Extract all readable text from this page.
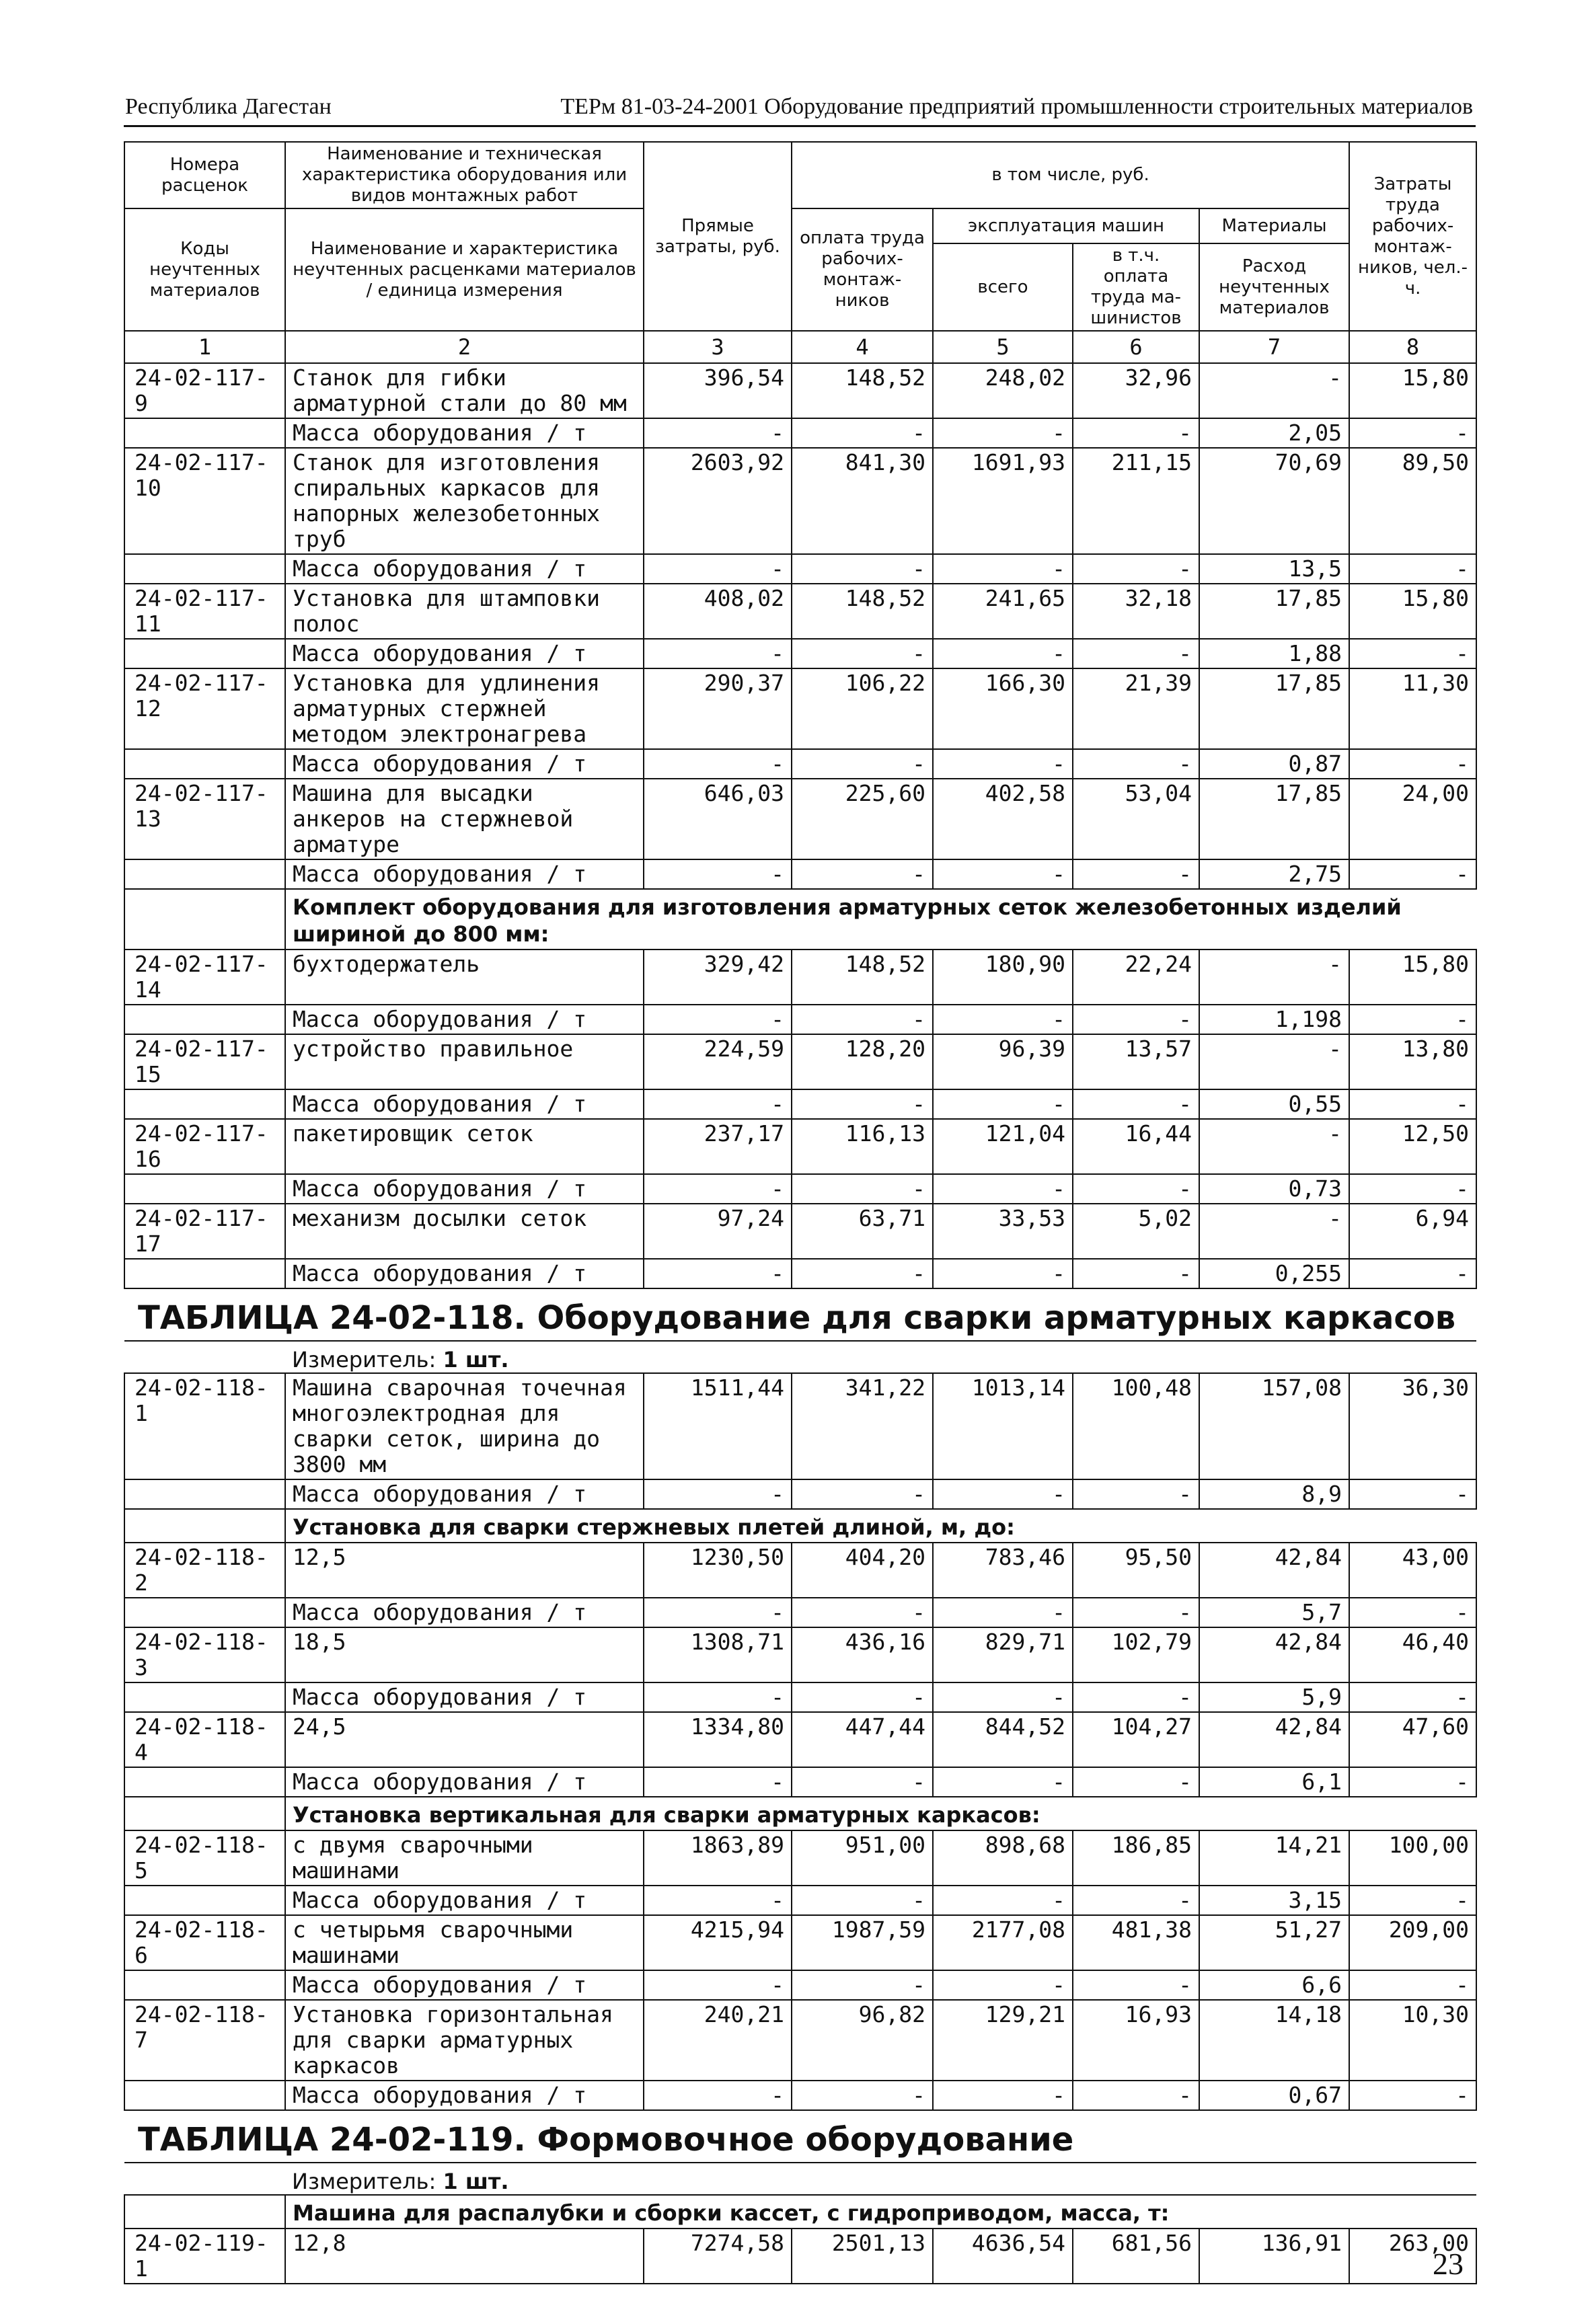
Республика Дагестан	ТЕРм 81-03-24-2001 Оборудование предприятий промышленности строительных материалов
Номера расценок	Наименование и техническая характеристика оборудования или видов монтажных работ	Прямые затраты, руб.	в том числе, руб.				Затраты труда рабочих-монтаж-ников, чел.-ч.
Коды неучтенных материалов	Наименование и характеристика неучтенных расценками материалов / единица измерения		оплата труда рабочих-монтаж-ников	эксплуатация машин		Материалы	
				всего	в т.ч. оплата труда ма-шинистов	Расход неучтенных материалов	
1	2	3	4	5	6	7	8
24-02-117-9	Станок для гибки арматурной стали до 80 мм	396,54	148,52	248,02	32,96	-	15,80
	Масса оборудования / т	-	-	-	-	2,05	-
24-02-117-10	Станок для изготовления спиральных каркасов для напорных железобетонных труб	2603,92	841,30	1691,93	211,15	70,69	89,50
	Масса оборудования / т	-	-	-	-	13,5	-
24-02-117-11	Установка для штамповки полос	408,02	148,52	241,65	32,18	17,85	15,80
	Масса оборудования / т	-	-	-	-	1,88	-
24-02-117-12	Установка для удлинения арматурных стержней методом электронагрева	290,37	106,22	166,30	21,39	17,85	11,30
	Масса оборудования / т	-	-	-	-	0,87	-
24-02-117-13	Машина для высадки анкеров на стержневой арматуре	646,03	225,60	402,58	53,04	17,85	24,00
	Масса оборудования / т	-	-	-	-	2,75	-
	Комплект оборудования для изготовления арматурных сеток железобетонных изделий шириной до 800 мм:						
24-02-117-14	бухтодержатель	329,42	148,52	180,90	22,24	-	15,80
	Масса оборудования / т	-	-	-	-	1,198	-
24-02-117-15	устройство правильное	224,59	128,20	96,39	13,57	-	13,80
	Масса оборудования / т	-	-	-	-	0,55	-
24-02-117-16	пакетировщик сеток	237,17	116,13	121,04	16,44	-	12,50
	Масса оборудования / т	-	-	-	-	0,73	-
24-02-117-17	механизм досылки сеток	97,24	63,71	33,53	5,02	-	6,94
	Масса оборудования / т	-	-	-	-	0,255	-
ТАБЛИЦА 24-02-118. Оборудование для сварки арматурных каркасов							
	Измеритель: 1 шт.						
24-02-118-1	Машина сварочная точечная многоэлектродная для сварки сеток, ширина до 3800 мм	1511,44	341,22	1013,14	100,48	157,08	36,30
	Масса оборудования / т	-	-	-	-	8,9	-
	Установка для сварки стержневых плетей длиной, м, до:						
24-02-118-2	12,5	1230,50	404,20	783,46	95,50	42,84	43,00
	Масса оборудования / т	-	-	-	-	5,7	-
24-02-118-3	18,5	1308,71	436,16	829,71	102,79	42,84	46,40
	Масса оборудования / т	-	-	-	-	5,9	-
24-02-118-4	24,5	1334,80	447,44	844,52	104,27	42,84	47,60
	Масса оборудования / т	-	-	-	-	6,1	-
	Установка вертикальная для сварки арматурных каркасов:						
24-02-118-5	с двумя сварочными машинами	1863,89	951,00	898,68	186,85	14,21	100,00
	Масса оборудования / т	-	-	-	-	3,15	-
24-02-118-6	с четырьмя сварочными машинами	4215,94	1987,59	2177,08	481,38	51,27	209,00
	Масса оборудования / т	-	-	-	-	6,6	-
24-02-118-7	Установка горизонтальная для сварки арматурных каркасов	240,21	96,82	129,21	16,93	14,18	10,30
	Масса оборудования / т	-	-	-	-	0,67	-
ТАБЛИЦА 24-02-119. Формовочное оборудование							
	Измеритель: 1 шт.						
	Машина для распалубки и сборки кассет, с гидроприводом, масса, т:						
24-02-119-1	12,8	7274,58	2501,13	4636,54	681,56	136,91	263,00
23
